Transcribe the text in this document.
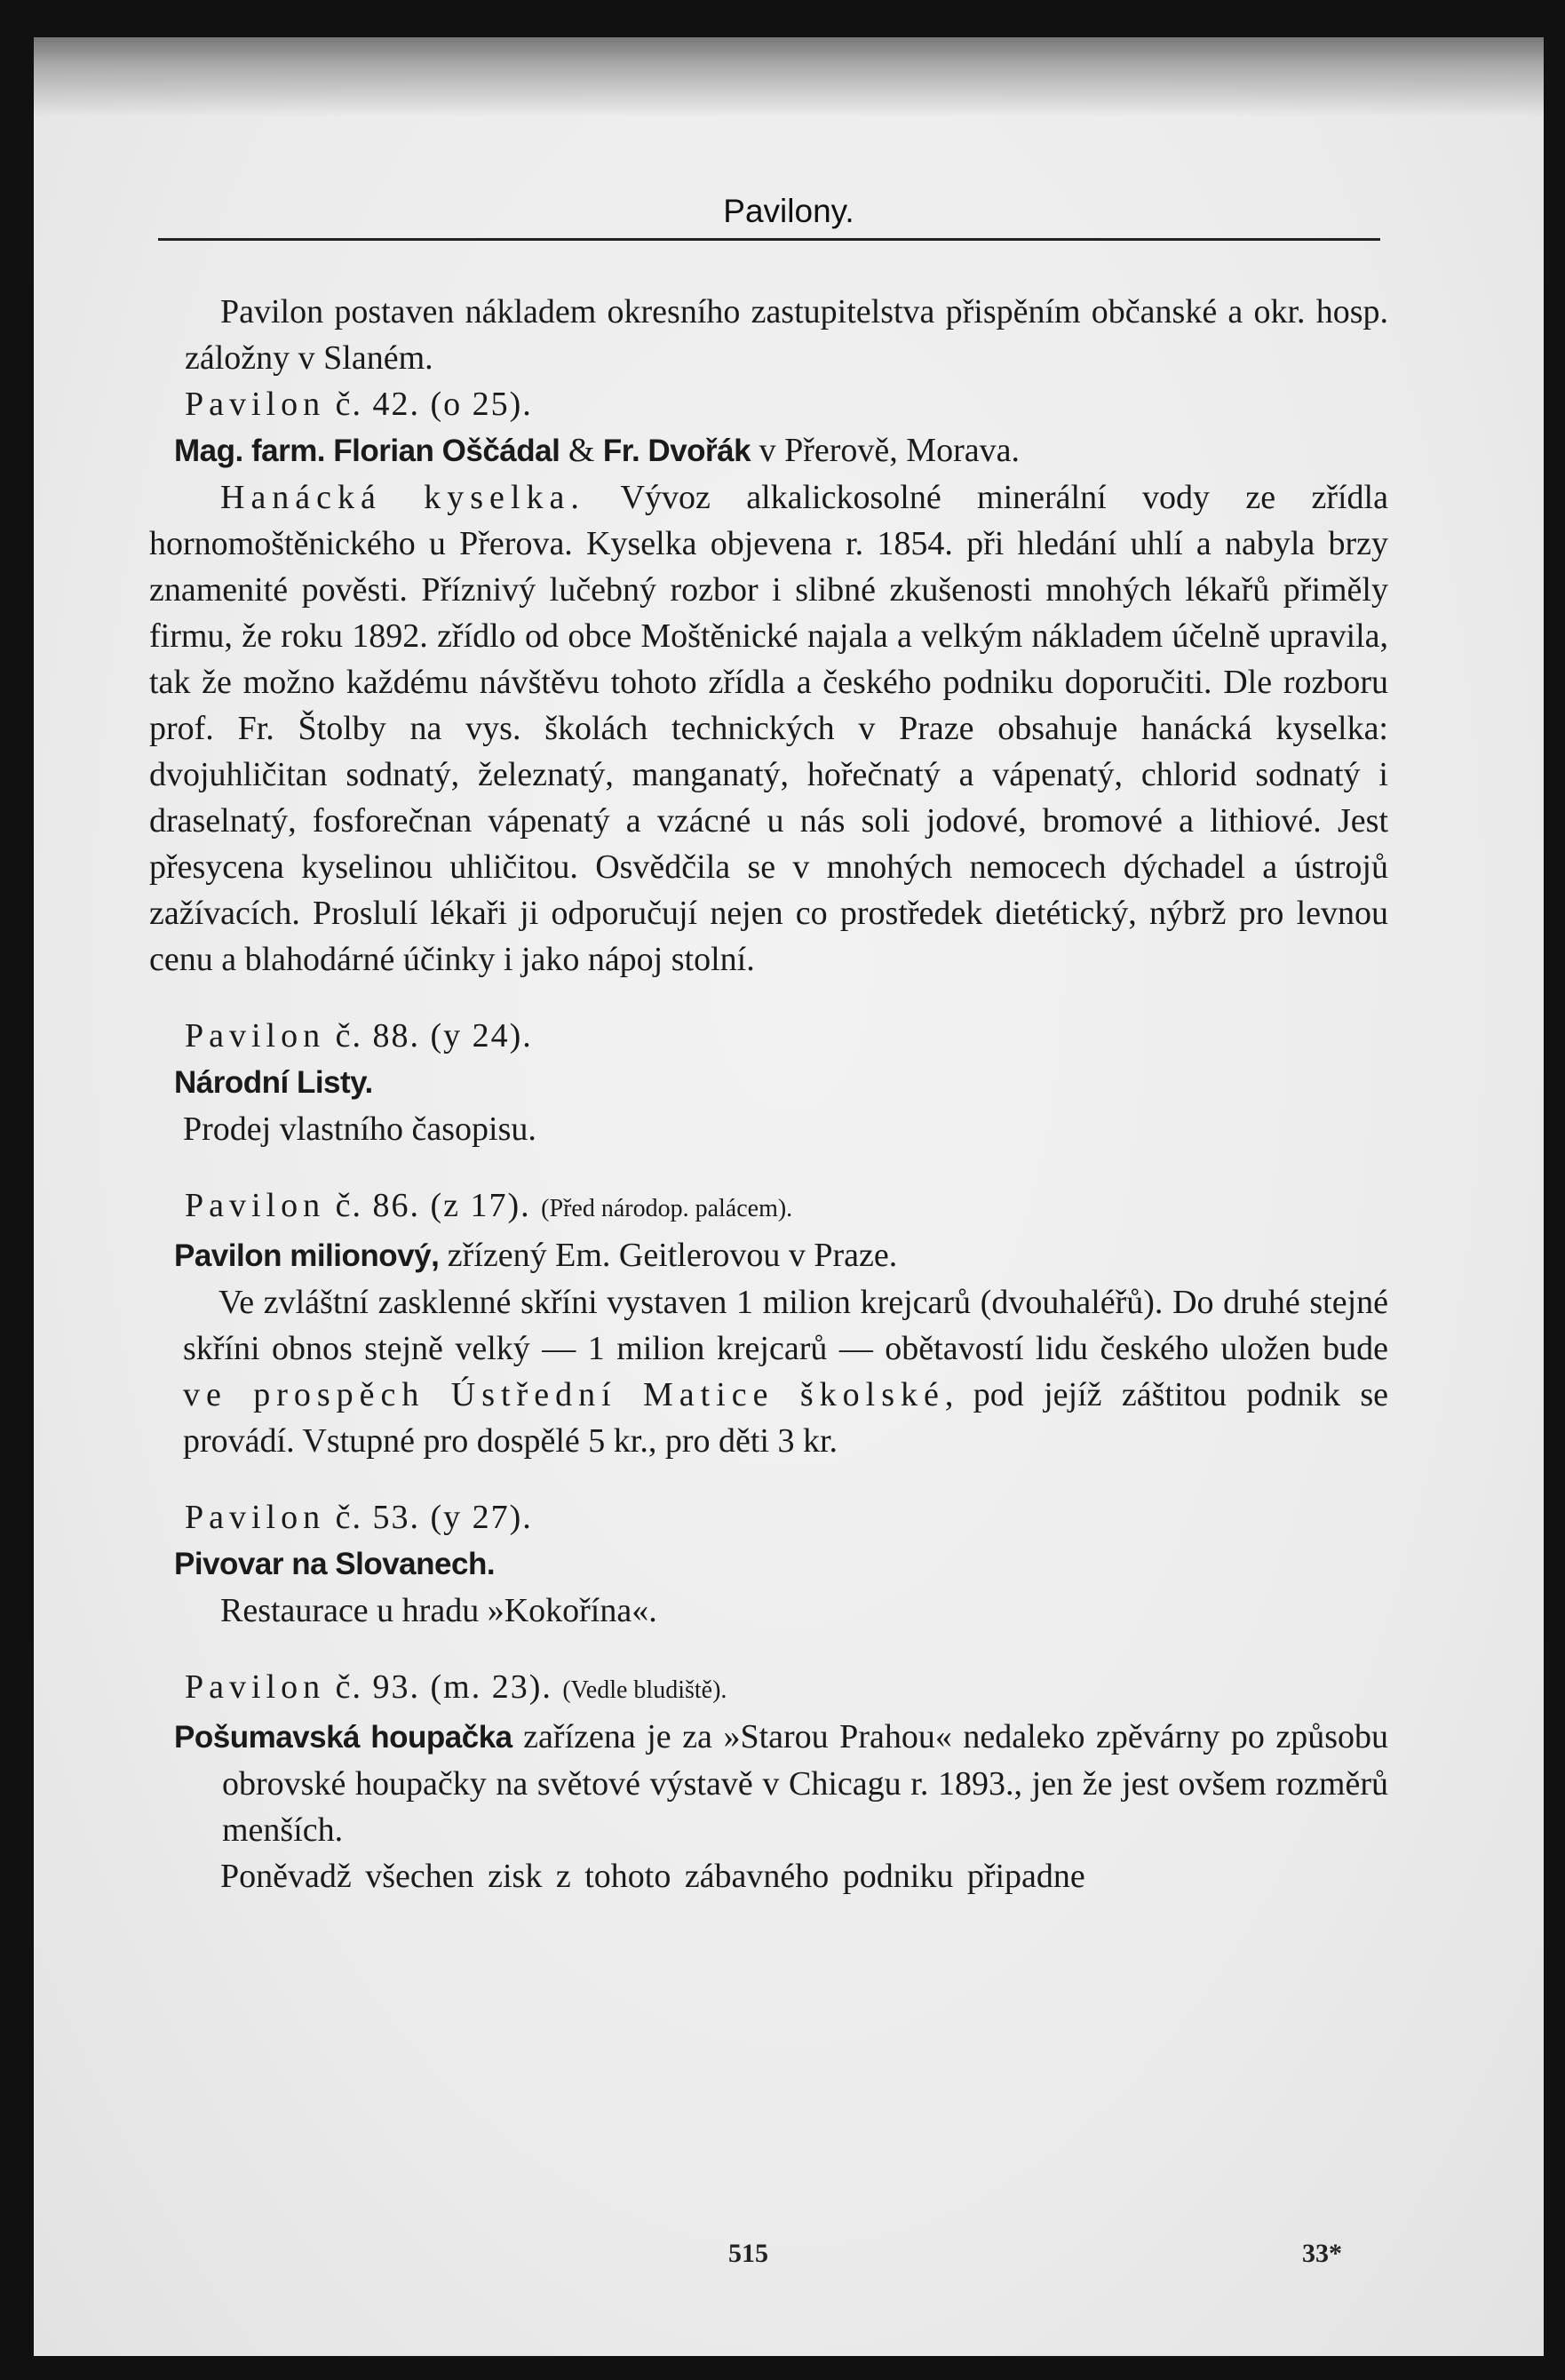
Pavilony.

Pavilon postaven nákladem okresního zastupitelstva přispěním občanské a okr. hosp. záložny v Slaném.

Pavilon č. 42. (o 25).

Mag. farm. Florian Oščádal & Fr. Dvořák v Přerově, Morava.

Hanácká kyselka. Vývoz alkalickosolné minerální vody ze zřídla hornomoštěnického u Přerova. Kyselka objevena r. 1854. při hledání uhlí a nabyla brzy znamenité pověsti. Příznivý lučebný rozbor i slibné zkušenosti mnohých lékařů přiměly firmu, že roku 1892. zřídlo od obce Moštěnické najala a velkým nákladem účelně upravila, tak že možno každému návštěvu tohoto zřídla a českého podniku doporučiti. Dle rozboru prof. Fr. Štolby na vys. školách technických v Praze obsahuje hanácká kyselka: dvojuhličitan sodnatý, železnatý, manganatý, hořečnatý a vápenatý, chlorid sodnatý i draselnatý, fosforečnan vápenatý a vzácné u nás soli jodové, bromové a lithiové. Jest přesycena kyselinou uhličitou. Osvědčila se v mnohých nemocech dýchadel a ústrojů zažívacích. Proslulí lékaři ji odporučují nejen co prostředek dietétický, nýbrž pro levnou cenu a blahodárné účinky i jako nápoj stolní.

Pavilon č. 88. (y 24).

Národní Listy.

Prodej vlastního časopisu.

Pavilon č. 86. (z 17). (Před národop. palácem).

Pavilon milionový, zřízený Em. Geitlerovou v Praze.

Ve zvláštní zasklenné skříni vystaven 1 milion krejcarů (dvouhaléřů). Do druhé stejné skříni obnos stejně velký — 1 milion krejcarů — obětavostí lidu českého uložen bude ve prospěch Ústřední Matice školské, pod jejíž záštitou podnik se provádí. Vstupné pro dospělé 5 kr., pro děti 3 kr.

Pavilon č. 53. (y 27).

Pivovar na Slovanech.

Restaurace u hradu »Kokořína«.

Pavilon č. 93. (m. 23). (Vedle bludiště).

Pošumavská houpačka zařízena je za »Starou Prahou« nedaleko zpěvárny po způsobu obrovské houpačky na světové výstavě v Chicagu r. 1893., jen že jest ovšem rozměrů menších.

Poněvadž všechen zisk z tohoto zábavného podniku připadne

515	33*
